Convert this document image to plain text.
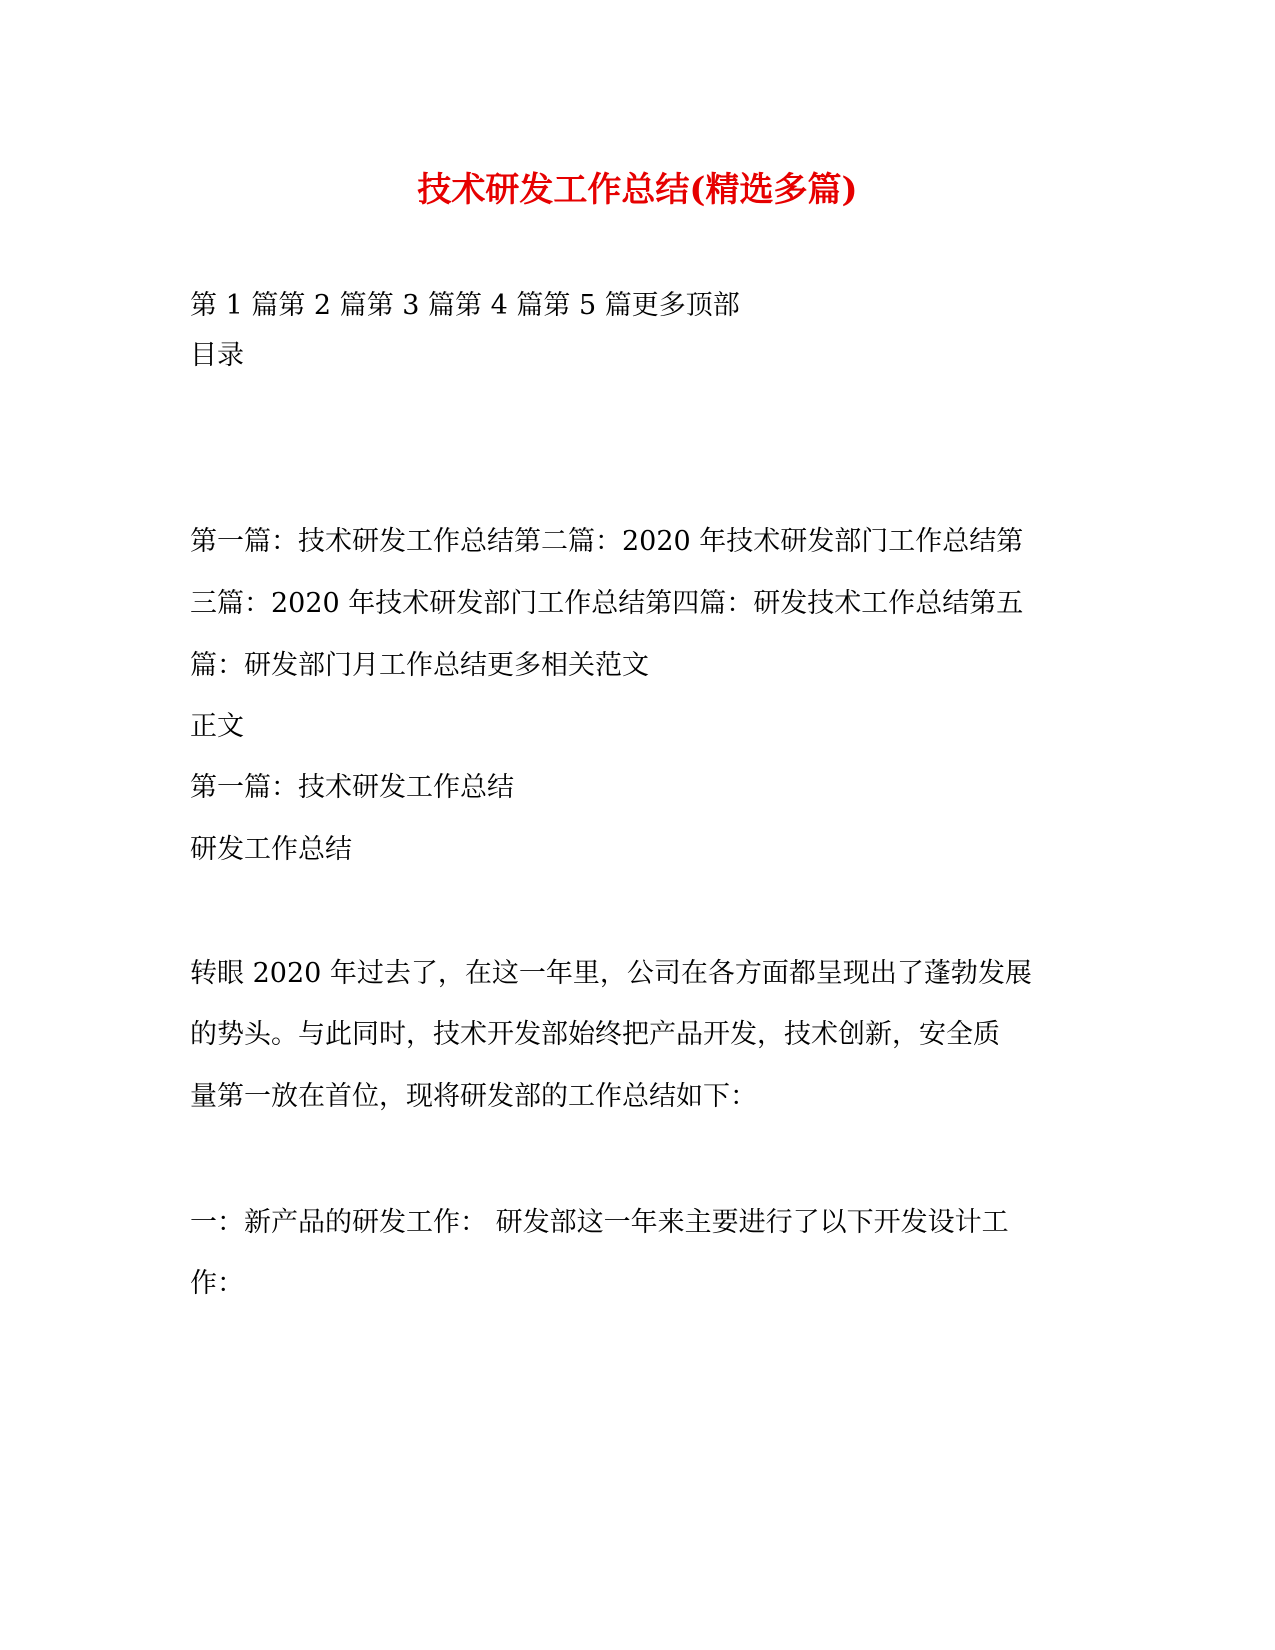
技术研发工作总结(精选多篇)
第 1 篇第 2 篇第 3 篇第 4 篇第 5 篇更多顶部
目录
第一篇：技术研发工作总结第二篇：2020 年技术研发部门工作总结第
三篇：2020 年技术研发部门工作总结第四篇：研发技术工作总结第五
篇：研发部门月工作总结更多相关范文
正文
第一篇：技术研发工作总结
研发工作总结
转眼 2020 年过去了，在这一年里，公司在各方面都呈现出了蓬勃发展
的势头。与此同时，技术开发部始终把产品开发，技术创新，安全质
量第一放在首位，现将研发部的工作总结如下：
一：新产品的研发工作： 研发部这一年来主要进行了以下开发设计工
作：
